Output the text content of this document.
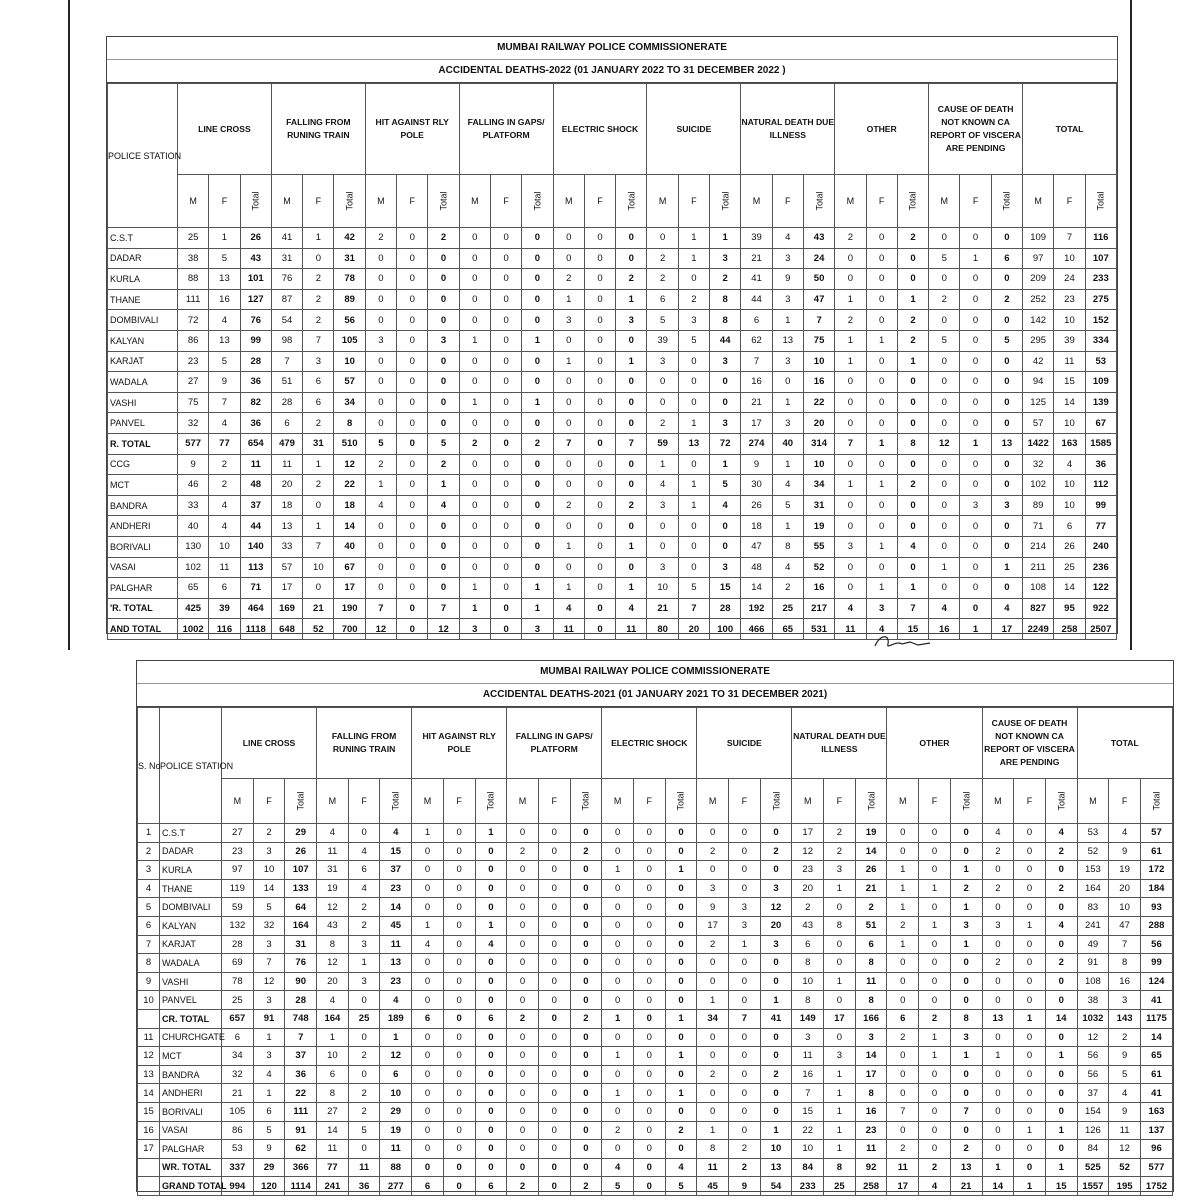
MUMBAI RAILWAY POLICE COMMISSIONERATE
ACCIDENTAL DEATHS-2022 (01 JANUARY 2022 TO 31 DECEMBER 2022 )
POLICE STATION	LINE CROSS			FALLING FROM RUNING TRAIN			HIT AGAINST RLY POLE			FALLING IN GAPS/ PLATFORM			ELECTRIC SHOCK			SUICIDE			NATURAL DEATH DUE ILLNESS			OTHER			CAUSE OF DEATH NOT KNOWN CA REPORT OF VISCERA ARE PENDING			TOTAL		
	M	F	Total	M	F	Total	M	F	Total	M	F	Total	M	F	Total	M	F	Total	M	F	Total	M	F	Total	M	F	Total	M	F	Total
C.S.T	25	1	26	41	1	42	2	0	2	0	0	0	0	0	0	0	1	1	39	4	43	2	0	2	0	0	0	109	7	116
DADAR	38	5	43	31	0	31	0	0	0	0	0	0	0	0	0	2	1	3	21	3	24	0	0	0	5	1	6	97	10	107
KURLA	88	13	101	76	2	78	0	0	0	0	0	0	2	0	2	2	0	2	41	9	50	0	0	0	0	0	0	209	24	233
THANE	111	16	127	87	2	89	0	0	0	0	0	0	1	0	1	6	2	8	44	3	47	1	0	1	2	0	2	252	23	275
DOMBIVALI	72	4	76	54	2	56	0	0	0	0	0	0	3	0	3	5	3	8	6	1	7	2	0	2	0	0	0	142	10	152
KALYAN	86	13	99	98	7	105	3	0	3	1	0	1	0	0	0	39	5	44	62	13	75	1	1	2	5	0	5	295	39	334
KARJAT	23	5	28	7	3	10	0	0	0	0	0	0	1	0	1	3	0	3	7	3	10	1	0	1	0	0	0	42	11	53
WADALA	27	9	36	51	6	57	0	0	0	0	0	0	0	0	0	0	0	0	16	0	16	0	0	0	0	0	0	94	15	109
VASHI	75	7	82	28	6	34	0	0	0	1	0	1	0	0	0	0	0	0	21	1	22	0	0	0	0	0	0	125	14	139
PANVEL	32	4	36	6	2	8	0	0	0	0	0	0	0	0	0	2	1	3	17	3	20	0	0	0	0	0	0	57	10	67
R. TOTAL	577	77	654	479	31	510	5	0	5	2	0	2	7	0	7	59	13	72	274	40	314	7	1	8	12	1	13	1422	163	1585
CCG	9	2	11	11	1	12	2	0	2	0	0	0	0	0	0	1	0	1	9	1	10	0	0	0	0	0	0	32	4	36
MCT	46	2	48	20	2	22	1	0	1	0	0	0	0	0	0	4	1	5	30	4	34	1	1	2	0	0	0	102	10	112
BANDRA	33	4	37	18	0	18	4	0	4	0	0	0	2	0	2	3	1	4	26	5	31	0	0	0	0	3	3	89	10	99
ANDHERI	40	4	44	13	1	14	0	0	0	0	0	0	0	0	0	0	0	0	18	1	19	0	0	0	0	0	0	71	6	77
BORIVALI	130	10	140	33	7	40	0	0	0	0	0	0	1	0	1	0	0	0	47	8	55	3	1	4	0	0	0	214	26	240
VASAI	102	11	113	57	10	67	0	0	0	0	0	0	0	0	0	3	0	3	48	4	52	0	0	0	1	0	1	211	25	236
PALGHAR	65	6	71	17	0	17	0	0	0	1	0	1	1	0	1	10	5	15	14	2	16	0	1	1	0	0	0	108	14	122
'R. TOTAL	425	39	464	169	21	190	7	0	7	1	0	1	4	0	4	21	7	28	192	25	217	4	3	7	4	0	4	827	95	922
AND TOTAL	1002	116	1118	648	52	700	12	0	12	3	0	3	11	0	11	80	20	100	466	65	531	11	4	15	16	1	17	2249	258	2507
MUMBAI RAILWAY POLICE COMMISSIONERATE
ACCIDENTAL DEATHS-2021 (01 JANUARY 2021 TO 31 DECEMBER 2021)
S. No	POLICE STATION	LINE CROSS			FALLING FROM RUNING TRAIN			HIT AGAINST RLY POLE			FALLING IN GAPS/ PLATFORM			ELECTRIC SHOCK			SUICIDE			NATURAL DEATH DUE ILLNESS			OTHER			CAUSE OF DEATH NOT KNOWN CA REPORT OF VISCERA ARE PENDING			TOTAL		
		M	F	Total	M	F	Total	M	F	Total	M	F	Total	M	F	Total	M	F	Total	M	F	Total	M	F	Total	M	F	Total	M	F	Total
1	C.S.T	27	2	29	4	0	4	1	0	1	0	0	0	0	0	0	0	0	0	17	2	19	0	0	0	4	0	4	53	4	57
2	DADAR	23	3	26	11	4	15	0	0	0	2	0	2	0	0	0	2	0	2	12	2	14	0	0	0	2	0	2	52	9	61
3	KURLA	97	10	107	31	6	37	0	0	0	0	0	0	1	0	1	0	0	0	23	3	26	1	0	1	0	0	0	153	19	172
4	THANE	119	14	133	19	4	23	0	0	0	0	0	0	0	0	0	3	0	3	20	1	21	1	1	2	2	0	2	164	20	184
5	DOMBIVALI	59	5	64	12	2	14	0	0	0	0	0	0	0	0	0	9	3	12	2	0	2	1	0	1	0	0	0	83	10	93
6	KALYAN	132	32	164	43	2	45	1	0	1	0	0	0	0	0	0	17	3	20	43	8	51	2	1	3	3	1	4	241	47	288
7	KARJAT	28	3	31	8	3	11	4	0	4	0	0	0	0	0	0	2	1	3	6	0	6	1	0	1	0	0	0	49	7	56
8	WADALA	69	7	76	12	1	13	0	0	0	0	0	0	0	0	0	0	0	0	8	0	8	0	0	0	2	0	2	91	8	99
9	VASHI	78	12	90	20	3	23	0	0	0	0	0	0	0	0	0	0	0	0	10	1	11	0	0	0	0	0	0	108	16	124
10	PANVEL	25	3	28	4	0	4	0	0	0	0	0	0	0	0	0	1	0	1	8	0	8	0	0	0	0	0	0	38	3	41
	CR. TOTAL	657	91	748	164	25	189	6	0	6	2	0	2	1	0	1	34	7	41	149	17	166	6	2	8	13	1	14	1032	143	1175
11	CHURCHGATE	6	1	7	1	0	1	0	0	0	0	0	0	0	0	0	0	0	0	3	0	3	2	1	3	0	0	0	12	2	14
12	MCT	34	3	37	10	2	12	0	0	0	0	0	0	1	0	1	0	0	0	11	3	14	0	1	1	1	0	1	56	9	65
13	BANDRA	32	4	36	6	0	6	0	0	0	0	0	0	0	0	0	2	0	2	16	1	17	0	0	0	0	0	0	56	5	61
14	ANDHERI	21	1	22	8	2	10	0	0	0	0	0	0	1	0	1	0	0	0	7	1	8	0	0	0	0	0	0	37	4	41
15	BORIVALI	105	6	111	27	2	29	0	0	0	0	0	0	0	0	0	0	0	0	15	1	16	7	0	7	0	0	0	154	9	163
16	VASAI	86	5	91	14	5	19	0	0	0	0	0	0	2	0	2	1	0	1	22	1	23	0	0	0	0	1	1	126	11	137
17	PALGHAR	53	9	62	11	0	11	0	0	0	0	0	0	0	0	0	8	2	10	10	1	11	2	0	2	0	0	0	84	12	96
	WR. TOTAL	337	29	366	77	11	88	0	0	0	0	0	0	4	0	4	11	2	13	84	8	92	11	2	13	1	0	1	525	52	577
	GRAND TOTAL	994	120	1114	241	36	277	6	0	6	2	0	2	5	0	5	45	9	54	233	25	258	17	4	21	14	1	15	1557	195	1752
